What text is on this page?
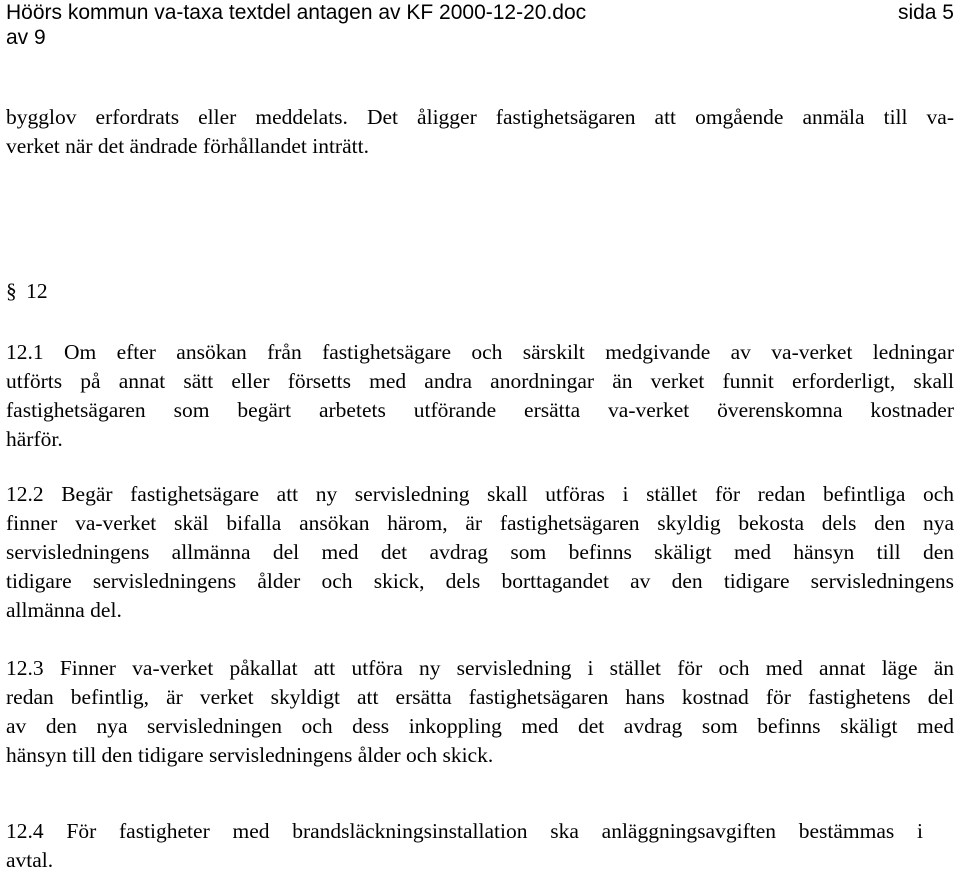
Höörs kommun va-taxa textdel antagen av KF 2000-12-20.doc	sida 5
av 9
bygglov erfordrats eller meddelats. Det åligger fastighetsägaren att omgående anmäla till va-
verket när det ändrade förhållandet inträtt.
§ 12
12.1 Om efter ansökan från fastighetsägare och särskilt medgivande av va-verket ledningar
utförts på annat sätt eller försetts med andra anordningar än verket funnit erforderligt, skall
fastighetsägaren som begärt arbetets utförande ersätta va-verket överenskomna kostnader
härför.
12.2 Begär fastighetsägare att ny servisledning skall utföras i stället för redan befintliga och
finner va-verket skäl bifalla ansökan härom, är fastighetsägaren skyldig bekosta dels den nya
servisledningens allmänna del med det avdrag som befinns skäligt med hänsyn till den
tidigare servisledningens ålder och skick, dels borttagandet av den tidigare servisledningens
allmänna del.
12.3 Finner va-verket påkallat att utföra ny servisledning i stället för och med annat läge än
redan befintlig, är verket skyldigt att ersätta fastighetsägaren hans kostnad för fastighetens del
av den nya servisledningen och dess inkoppling med det avdrag som befinns skäligt med
hänsyn till den tidigare servisledningens ålder och skick.
12.4 För fastigheter med brandsläckningsinstallation ska anläggningsavgiften bestämmas i
avtal.
